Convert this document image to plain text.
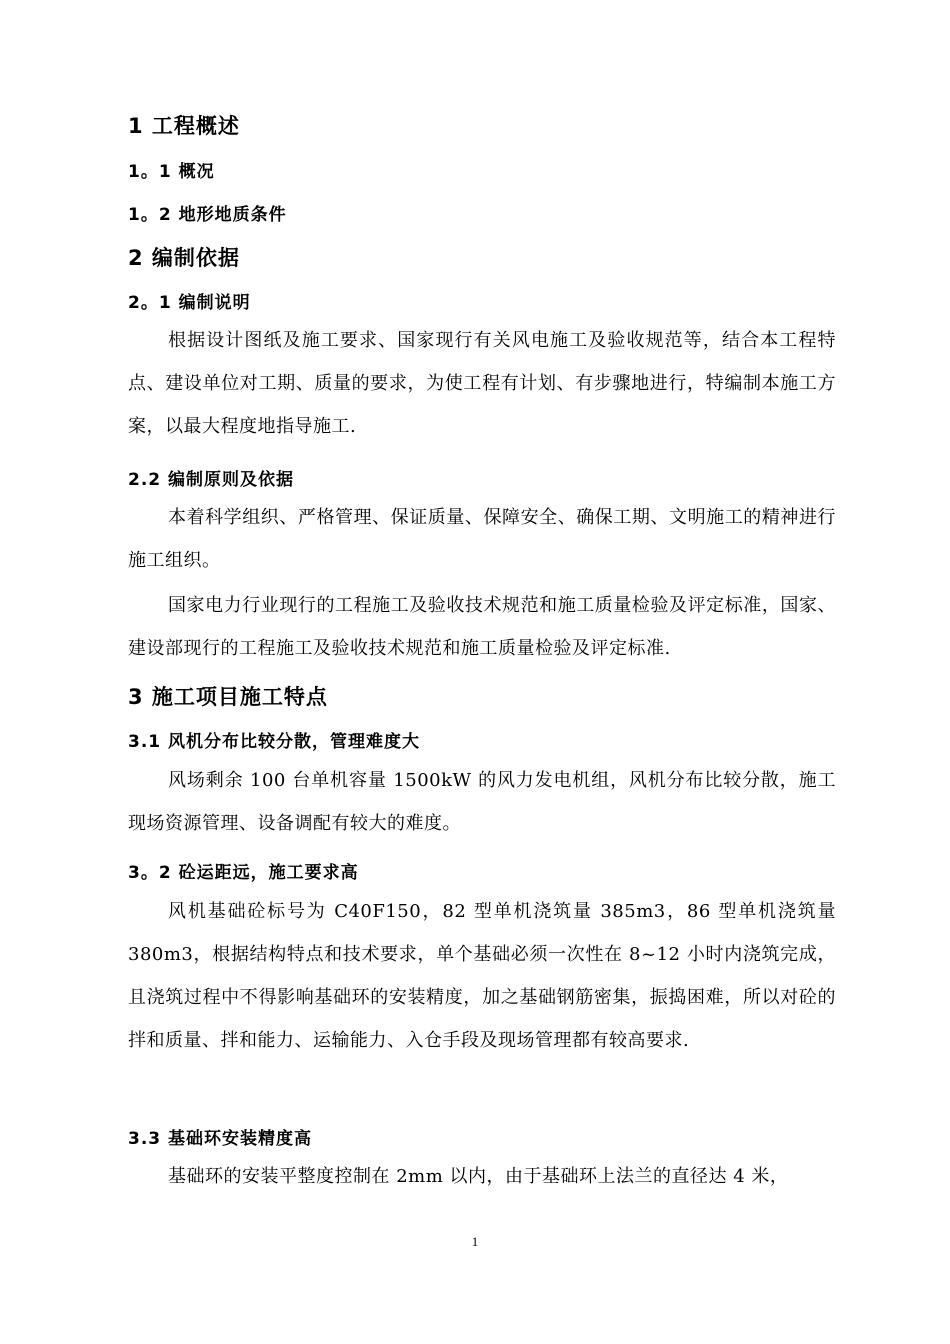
1 工程概述
1。1 概况
1。2 地形地质条件
2 编制依据
2。1 编制说明

根据设计图纸及施工要求、国家现行有关风电施工及验收规范等，结合本工程特点、建设单位对工期、质量的要求，为使工程有计划、有步骤地进行，特编制本施工方案，以最大程度地指导施工.

2.2 编制原则及依据

本着科学组织、严格管理、保证质量、保障安全、确保工期、文明施工的精神进行施工组织。

国家电力行业现行的工程施工及验收技术规范和施工质量检验及评定标准，国家、建设部现行的工程施工及验收技术规范和施工质量检验及评定标准.

3 施工项目施工特点
3.1 风机分布比较分散，管理难度大

风场剩余 100 台单机容量 1500kW 的风力发电机组，风机分布比较分散，施工现场资源管理、设备调配有较大的难度。

3。2 砼运距远，施工要求高

风机基础砼标号为 C40F150，82 型单机浇筑量 385m3，86 型单机浇筑量 380m3，根据结构特点和技术要求，单个基础必须一次性在 8~12 小时内浇筑完成，且浇筑过程中不得影响基础环的安装精度，加之基础钢筋密集，振捣困难，所以对砼的拌和质量、拌和能力、运输能力、入仓手段及现场管理都有较高要求.

3.3 基础环安装精度高

基础环的安装平整度控制在 2mm 以内，由于基础环上法兰的直径达 4 米，

1
